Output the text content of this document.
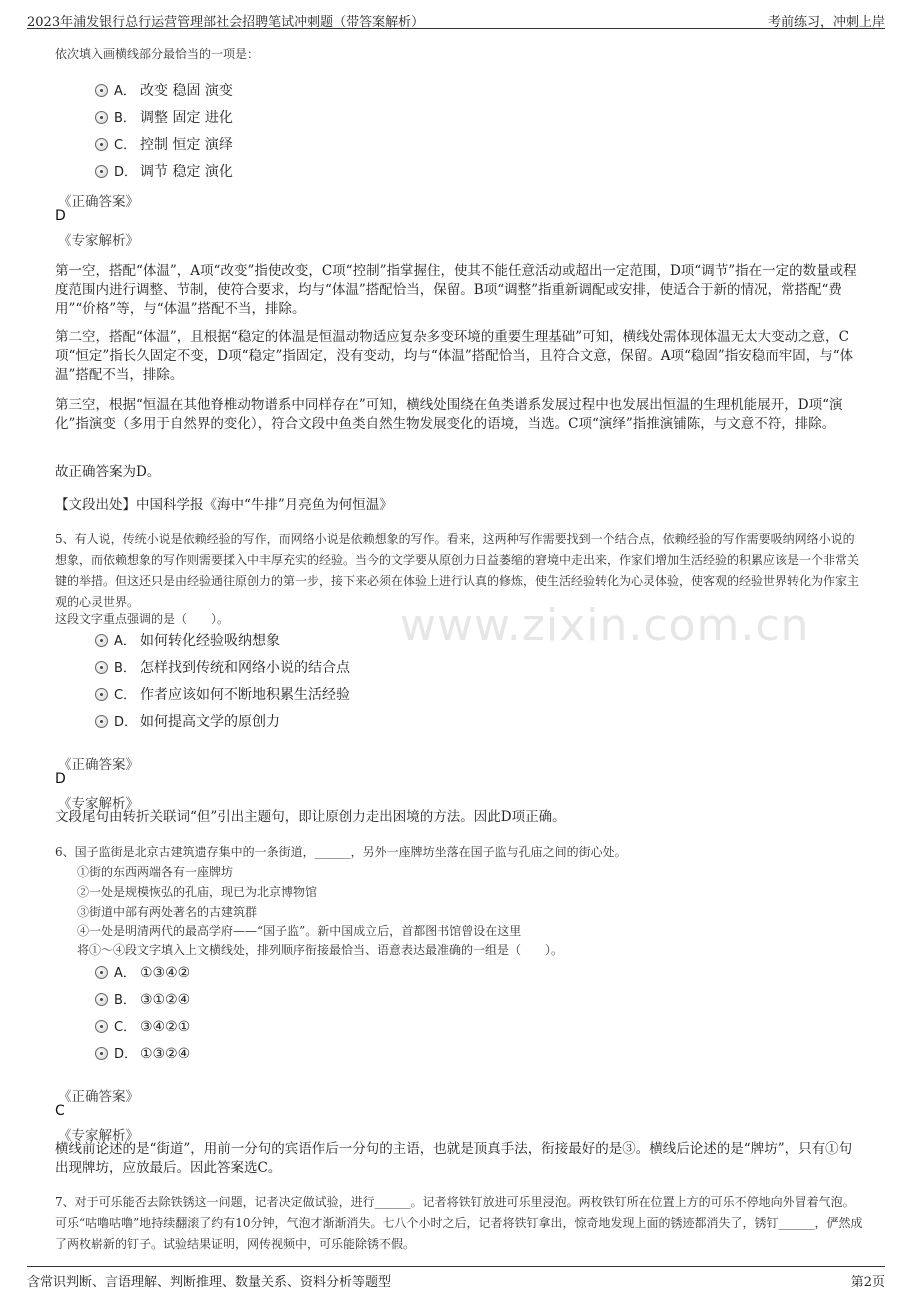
2023年浦发银行总行运营管理部社会招聘笔试冲刺题（带答案解析）	考前练习，冲刺上岸
www.zixin.com.cn
依次填入画横线部分最恰当的一项是：
A． 改变 稳固 演变
B． 调整 固定 进化
C． 控制 恒定 演绎
D． 调节 稳定 演化
《正确答案》
D
《专家解析》
第一空，搭配“体温”，A项“改变”指使改变，C项“控制”指掌握住，使其不能任意活动或超出一定范围，D项“调节”指在一定的数量或程度范围内进行调整、节制，使符合要求，均与“体温”搭配恰当，保留。B项“调整”指重新调配或安排，使适合于新的情况，常搭配“费用”“价格”等，与“体温”搭配不当，排除。
第二空，搭配“体温”，且根据“稳定的体温是恒温动物适应复杂多变环境的重要生理基础”可知，横线处需体现体温无太大变动之意，C项“恒定”指长久固定不变，D项“稳定”指固定，没有变动，均与“体温”搭配恰当，且符合文意，保留。A项“稳固”指安稳而牢固，与“体温”搭配不当，排除。
第三空，根据“恒温在其他脊椎动物谱系中同样存在”可知，横线处围绕在鱼类谱系发展过程中也发展出恒温的生理机能展开，D项“演化”指演变（多用于自然界的变化），符合文段中鱼类自然生物发展变化的语境，当选。C项“演绎”指推演铺陈，与文意不符，排除。
故正确答案为D。
【文段出处】中国科学报《海中“牛排”月亮鱼为何恒温》
5、有人说，传统小说是依赖经验的写作，而网络小说是依赖想象的写作。看来，这两种写作需要找到一个结合点，依赖经验的写作需要吸纳网络小说的想象，而依赖想象的写作则需要揉入中丰厚充实的经验。当今的文学要从原创力日益萎缩的窘境中走出来，作家们增加生活经验的积累应该是一个非常关键的举措。但这还只是由经验通往原创力的第一步，接下来必须在体验上进行认真的修炼，使生活经验转化为心灵体验，使客观的经验世界转化为作家主观的心灵世界。
这段文字重点强调的是（　　）。
A． 如何转化经验吸纳想象
B． 怎样找到传统和网络小说的结合点
C． 作者应该如何不断地积累生活经验
D． 如何提高文学的原创力
《正确答案》
D
《专家解析》
文段尾句由转折关联词“但”引出主题句，即让原创力走出困境的方法。因此D项正确。
6、国子监街是北京古建筑遗存集中的一条街道，______，另外一座牌坊坐落在国子监与孔庙之间的街心处。
①街的东西两端各有一座牌坊
②一处是规模恢弘的孔庙，现已为北京博物馆
③街道中部有两处著名的古建筑群
④一处是明清两代的最高学府——“国子监”。新中国成立后，首都图书馆曾设在这里
将①～④段文字填入上文横线处，排列顺序衔接最恰当、语意表达最准确的一组是（　　）。
A． ①③④②
B． ③①②④
C． ③④②①
D． ①③②④
《正确答案》
C
《专家解析》
横线前论述的是“街道”，用前一分句的宾语作后一分句的主语，也就是顶真手法，衔接最好的是③。横线后论述的是“牌坊”，只有①句出现牌坊，应放最后。因此答案选C。
7、对于可乐能否去除铁锈这一问题，记者决定做试验，进行______。记者将铁钉放进可乐里浸泡。两枚铁钉所在位置上方的可乐不停地向外冒着气泡。可乐“咕噜咕噜”地持续翻滚了约有10分钟，气泡才渐渐消失。七八个小时之后，记者将铁钉拿出，惊奇地发现上面的锈迹都消失了，锈钉______，俨然成了两枚崭新的钉子。试验结果证明，网传视频中，可乐能除锈不假。
含常识判断、言语理解、判断推理、数量关系、资料分析等题型	第2页
